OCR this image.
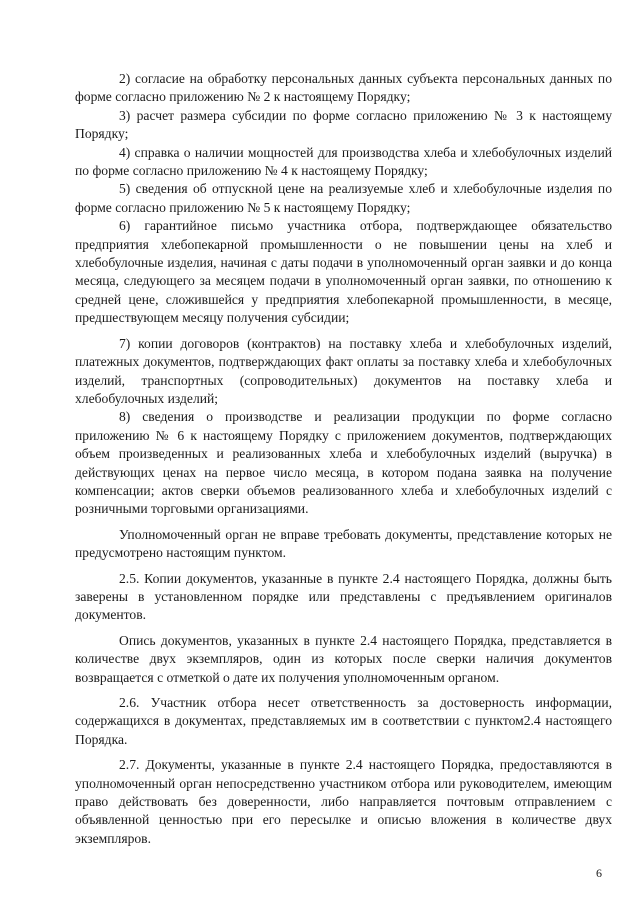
2) согласие на обработку персональных данных субъекта персональных данных по форме согласно приложению № 2 к настоящему Порядку;

3) расчет размера субсидии по форме согласно приложению № 3 к настоящему Порядку;

4) справка о наличии мощностей для производства хлеба и хлебобулочных изделий по форме согласно приложению № 4 к настоящему Порядку;

5) сведения об отпускной цене на реализуемые хлеб и хлебобулочные изделия по форме согласно приложению № 5 к настоящему Порядку;

6) гарантийное письмо участника отбора, подтверждающее обязательство предприятия хлебопекарной промышленности о не повышении цены на хлеб и хлебобулочные изделия, начиная с даты подачи в уполномоченный орган заявки и до конца месяца, следующего за месяцем подачи в уполномоченный орган заявки, по отношению к средней цене, сложившейся у предприятия хлебопекарной промышленности, в месяце, предшествующем месяцу получения субсидии;

7) копии договоров (контрактов) на поставку хлеба и хлебобулочных изделий, платежных документов, подтверждающих факт оплаты за поставку хлеба и хлебобулочных изделий, транспортных (сопроводительных) документов на поставку хлеба и хлебобулочных изделий;

8) сведения о производстве и реализации продукции по форме согласно приложению № 6 к настоящему Порядку с приложением документов, подтверждающих объем произведенных и реализованных хлеба и хлебобулочных изделий (выручка) в действующих ценах на первое число месяца, в котором подана заявка на получение компенсации; актов сверки объемов реализованного хлеба и хлебобулочных изделий с розничными торговыми организациями.

Уполномоченный орган не вправе требовать документы, представление которых не предусмотрено настоящим пунктом.

2.5. Копии документов, указанные в пункте 2.4 настоящего Порядка, должны быть заверены в установленном порядке или представлены с предъявлением оригиналов документов.

Опись документов, указанных в пункте 2.4 настоящего Порядка, представляется в количестве двух экземпляров, один из которых после сверки наличия документов возвращается с отметкой о дате их получения уполномоченным органом.

2.6. Участник отбора несет ответственность за достоверность информации, содержащихся в документах, представляемых им в соответствии с пунктом2.4 настоящего Порядка.

2.7. Документы, указанные в пункте 2.4 настоящего Порядка, предоставляются в уполномоченный орган непосредственно участником отбора или руководителем, имеющим право действовать без доверенности, либо направляется почтовым отправлением с объявленной ценностью при его пересылке и описью вложения в количестве двух экземпляров.

6
